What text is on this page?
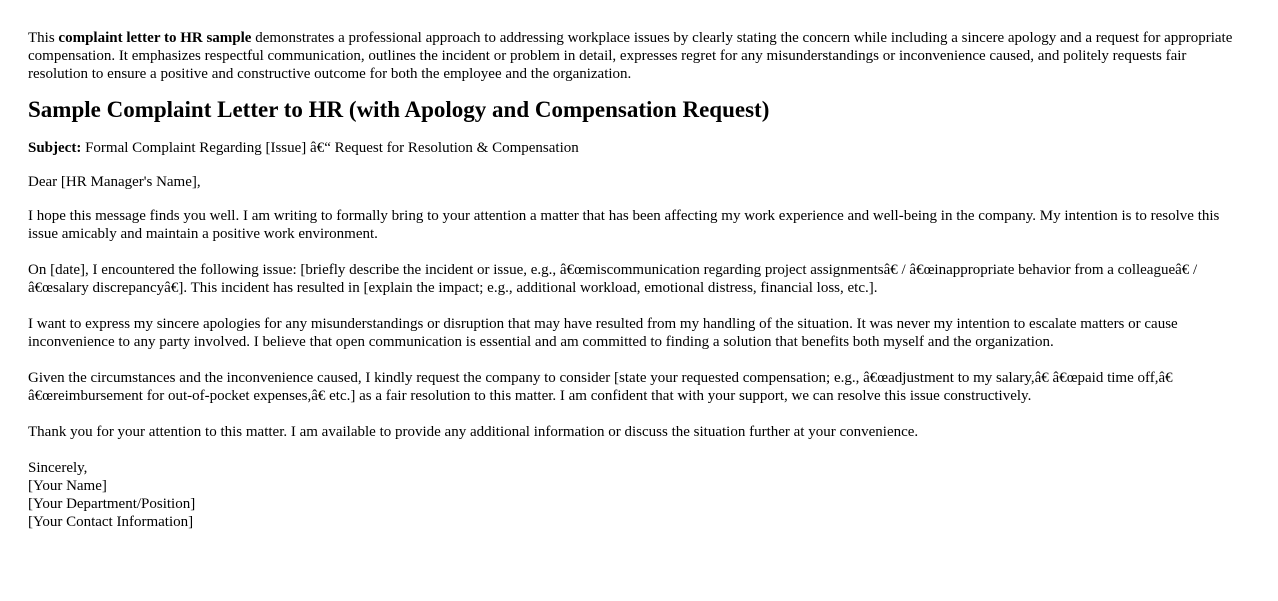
This complaint letter to HR sample demonstrates a professional approach to addressing workplace issues by clearly stating the concern while including a sincere apology and a request for appropriate compensation. It emphasizes respectful communication, outlines the incident or problem in detail, expresses regret for any misunderstandings or inconvenience caused, and politely requests fair resolution to ensure a positive and constructive outcome for both the employee and the organization.

Sample Complaint Letter to HR (with Apology and Compensation Request)

Subject: Formal Complaint Regarding [Issue] â€“ Request for Resolution & Compensation

Dear [HR Manager's Name],

I hope this message finds you well. I am writing to formally bring to your attention a matter that has been affecting my work experience and well-being in the company. My intention is to resolve this issue amicably and maintain a positive work environment.

On [date], I encountered the following issue: [briefly describe the incident or issue, e.g., â€œmiscommunication regarding project assignmentsâ€ / â€œinappropriate behavior from a colleagueâ€ / â€œsalary discrepancyâ€]. This incident has resulted in [explain the impact; e.g., additional workload, emotional distress, financial loss, etc.].

I want to express my sincere apologies for any misunderstandings or disruption that may have resulted from my handling of the situation. It was never my intention to escalate matters or cause inconvenience to any party involved. I believe that open communication is essential and am committed to finding a solution that benefits both myself and the organization.

Given the circumstances and the inconvenience caused, I kindly request the company to consider [state your requested compensation; e.g., â€œadjustment to my salary,â€ â€œpaid time off,â€ â€œreimbursement for out-of-pocket expenses,â€ etc.] as a fair resolution to this matter. I am confident that with your support, we can resolve this issue constructively.

Thank you for your attention to this matter. I am available to provide any additional information or discuss the situation further at your convenience.

Sincerely,
[Your Name]
[Your Department/Position]
[Your Contact Information]
